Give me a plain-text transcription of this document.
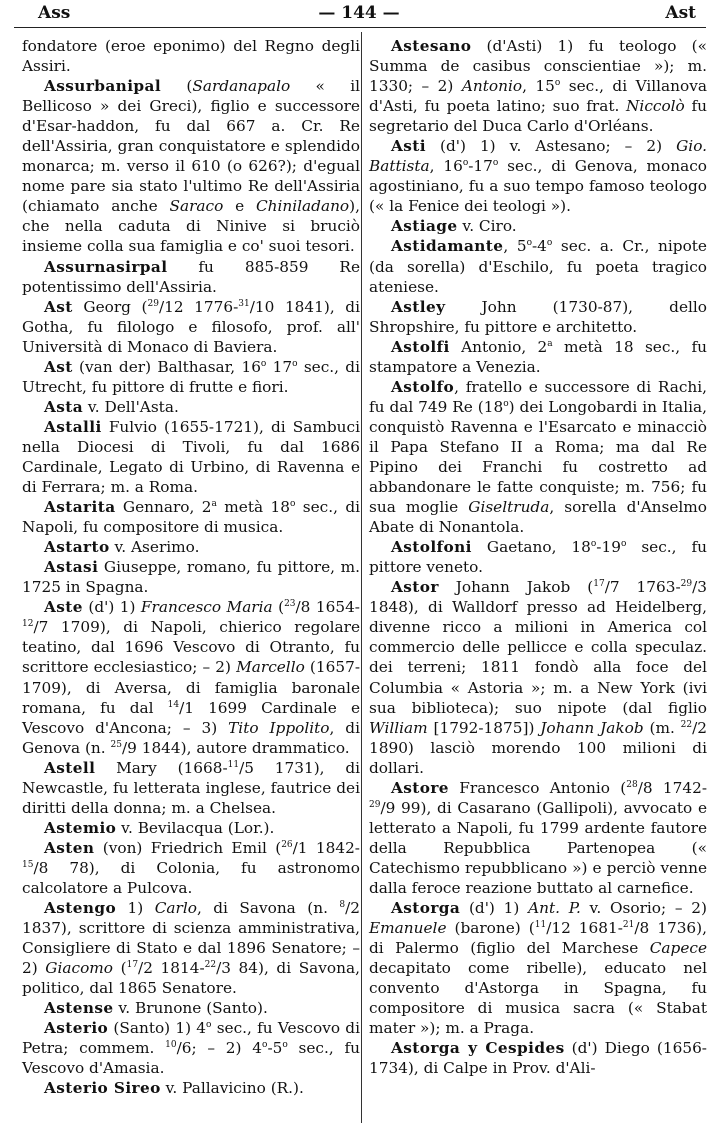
Ass	— 144 —	Ast

fondatore (eroe eponimo) del Regno degli Assiri.

Assurbanipal (Sardanapalo « il Bellicoso » dei Greci), figlio e successore d'Esar-haddon, fu dal 667 a. Cr. Re dell'Assiria, gran conquistatore e splendido monarca; m. verso il 610 (o 626?); d'egual nome pare sia stato l'ultimo Re dell'Assiria (chiamato anche Saraco e Chiniladano), che nella caduta di Ninive si bruciò insieme colla sua famiglia e co' suoi tesori.

Assurnasirpal fu 885-859 Re potentissimo dell'Assiria.

Ast Georg ($^{29}$/12 1776-$^{31}$/10 1841), di Gotha, fu filologo e filosofo, prof. all' Università di Monaco di Baviera.

Ast (van der) Balthasar, 16$^o$ 17$^o$ sec., di Utrecht, fu pittore di frutte e fiori.

Asta v. Dell'Asta.

Astalli Fulvio (1655-1721), di Sambuci nella Diocesi di Tivoli, fu dal 1686 Cardinale, Legato di Urbino, di Ravenna e di Ferrara; m. a Roma.

Astarita Gennaro, 2$^a$ metà 18$^o$ sec., di Napoli, fu compositore di musica.

Astarto v. Aserimo.

Astasi Giuseppe, romano, fu pittore, m. 1725 in Spagna.

Aste (d') 1) Francesco Maria ($^{23}$/8 1654-$^{12}$/7 1709), di Napoli, chierico regolare teatino, dal 1696 Vescovo di Otranto, fu scrittore ecclesiastico; – 2) Marcello (1657-1709), di Aversa, di famiglia baronale romana, fu dal $^{14}$/1 1699 Cardinale e Vescovo d'Ancona; – 3) Tito Ippolito, di Genova (n. $^{25}$/9 1844), autore drammatico.

Astell Mary (1668-$^{11}$/5 1731), di Newcastle, fu letterata inglese, fautrice dei diritti della donna; m. a Chelsea.

Astemio v. Bevilacqua (Lor.).

Asten (von) Friedrich Emil ($^{26}$/1 1842-$^{15}$/8 78), di Colonia, fu astronomo calcolatore a Pulcova.

Astengo 1) Carlo, di Savona (n. $^8$/2 1837), scrittore di scienza amministrativa, Consigliere di Stato e dal 1896 Senatore; – 2) Giacomo ($^{17}$/2 1814-$^{22}$/3 84), di Savona, politico, dal 1865 Senatore.

Astense v. Brunone (Santo).

Asterio (Santo) 1) 4$^o$ sec., fu Vescovo di Petra; commem. $^{10}$/6; – 2) 4$^o$-5$^o$ sec., fu Vescovo d'Amasia.

Asterio Sireo v. Pallavicino (R.).

Astesano (d'Asti) 1) fu teologo (« Summa de casibus conscientiae »); m. 1330; – 2) Antonio, 15$^o$ sec., di Villanova d'Asti, fu poeta latino; suo frat. Niccolò fu segretario del Duca Carlo d'Orléans.

Asti (d') 1) v. Astesano; – 2) Gio. Battista, 16$^o$-17$^o$ sec., di Genova, monaco agostiniano, fu a suo tempo famoso teologo (« la Fenice dei teologi »).

Astiage v. Ciro.

Astidamante, 5$^o$-4$^o$ sec. a. Cr., nipote (da sorella) d'Eschilo, fu poeta tragico ateniese.

Astley John (1730-87), dello Shropshire, fu pittore e architetto.

Astolfi Antonio, 2$^a$ metà 18 sec., fu stampatore a Venezia.

Astolfo, fratello e successore di Rachi, fu dal 749 Re (18$^o$) dei Longobardi in Italia, conquistò Ravenna e l'Esarcato e minacciò il Papa Stefano II a Roma; ma dal Re Pipino dei Franchi fu costretto ad abbandonare le fatte conquiste; m. 756; fu sua moglie Giseltruda, sorella d'Anselmo Abate di Nonantola.

Astolfoni Gaetano, 18$^o$-19$^o$ sec., fu pittore veneto.

Astor Johann Jakob ($^{17}$/7 1763-$^{29}$/3 1848), di Walldorf presso ad Heidelberg, divenne ricco a milioni in America col commercio delle pellicce e colla speculaz. dei terreni; 1811 fondò alla foce del Columbia « Astoria »; m. a New York (ivi sua biblioteca); suo nipote (dal figlio William [1792-1875]) Johann Jakob (m. $^{22}$/2 1890) lasciò morendo 100 milioni di dollari.

Astore Francesco Antonio ($^{28}$/8 1742-$^{29}$/9 99), di Casarano (Gallipoli), avvocato e letterato a Napoli, fu 1799 ardente fautore della Repubblica Partenopea (« Catechismo repubblicano ») e perciò venne dalla feroce reazione buttato al carnefice.

Astorga (d') 1) Ant. P. v. Osorio; – 2) Emanuele (barone) ($^{11}$/12 1681-$^{21}$/8 1736), di Palermo (figlio del Marchese Capece decapitato come ribelle), educato nel convento d'Astorga in Spagna, fu compositore di musica sacra (« Stabat mater »); m. a Praga.

Astorga y Cespides (d') Diego (1656-1734), di Calpe in Prov. d'Ali-
